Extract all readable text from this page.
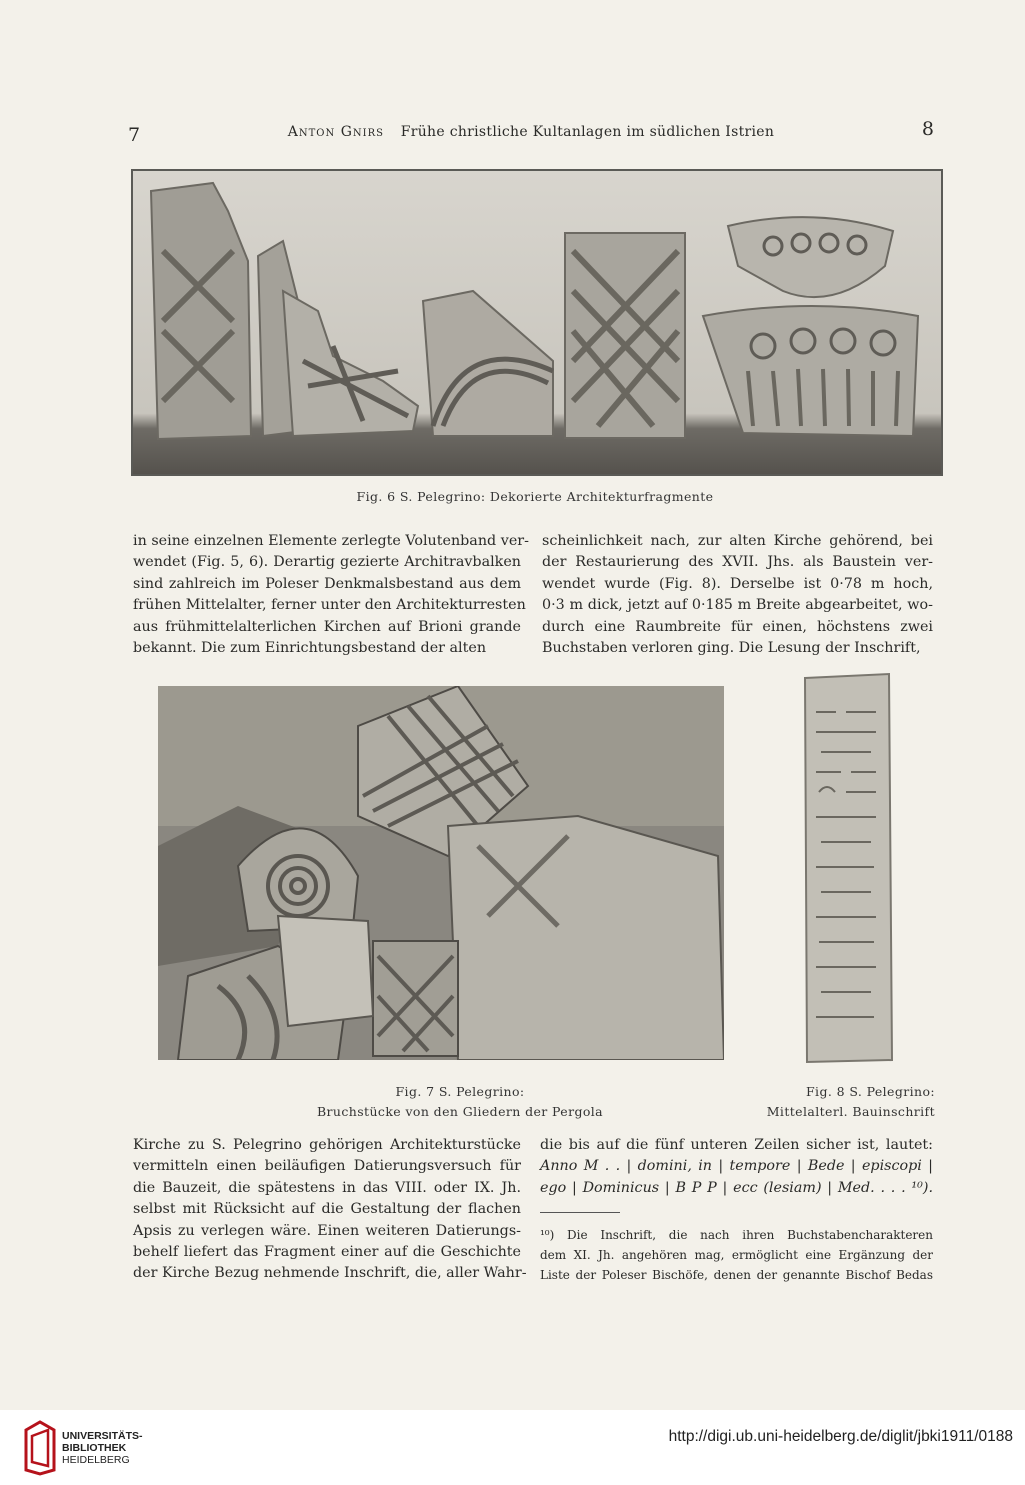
7	Anton Gnirs Frühe christliche Kultanlagen im südlichen Istrien	8
Fig. 6 S. Pelegrino: Dekorierte Architekturfragmente

in seine einzelnen Elemente zerlegte Volutenband ver-

wendet (Fig. 5, 6). Derartig gezierte Architravbalken

sind zahlreich im Poleser Denkmalsbestand aus dem

frühen Mittelalter, ferner unter den Architekturresten

aus frühmittelalterlichen Kirchen auf Brioni grande

bekannt. Die zum Einrichtungsbestand der alten

scheinlichkeit nach, zur alten Kirche gehörend, bei

der Restaurierung des XVII. Jhs. als Baustein ver-

wendet wurde (Fig. 8). Derselbe ist 0·78 m hoch,

0·3 m dick, jetzt auf 0·185 m Breite abgearbeitet, wo-

durch eine Raumbreite für einen, höchstens zwei

Buchstaben verloren ging. Die Lesung der Inschrift,

Fig. 7 S. Pelegrino:
Bruchstücke von den Gliedern der Pergola
Fig. 8 S. Pelegrino:
Mittelalterl. Bauinschrift

Kirche zu S. Pelegrino gehörigen Architekturstücke

vermitteln einen beiläufigen Datierungsversuch für

die Bauzeit, die spätestens in das VIII. oder IX. Jh.

selbst mit Rücksicht auf die Gestaltung der flachen

Apsis zu verlegen wäre. Einen weiteren Datierungs-

behelf liefert das Fragment einer auf die Geschichte

der Kirche Bezug nehmende Inschrift, die, aller Wahr-

die bis auf die fünf unteren Zeilen sicher ist, lautet:

Anno M . . | domini, in | tempore | Bede | episcopi |

ego | Dominicus | B P P | ecc (lesiam) | Med. . . . ¹⁰).

¹⁰) Die Inschrift, die nach ihren Buchstabencharakteren

dem XI. Jh. angehören mag, ermöglicht eine Ergänzung der

Liste der Poleser Bischöfe, denen der genannte Bischof Bedas

UNIVERSITÄTS-
BIBLIOTHEK
HEIDELBERG
http://digi.ub.uni-heidelberg.de/diglit/jbki1911/0188
